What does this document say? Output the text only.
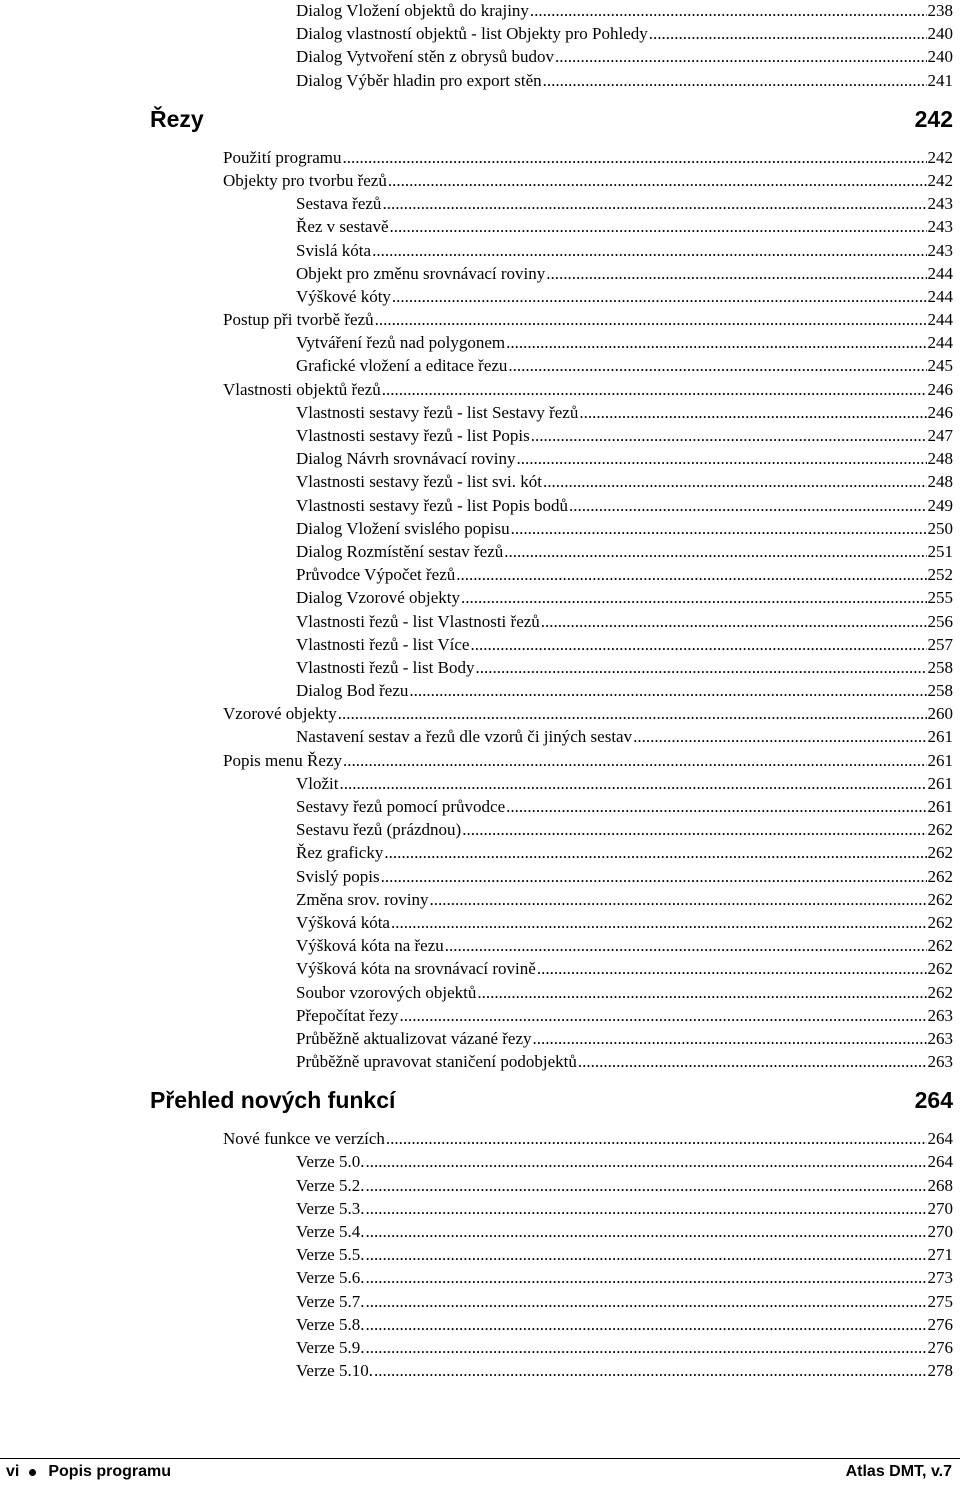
Dialog Vložení objektů do krajiny .....	238
Dialog vlastností objektů - list Objekty pro Pohledy .....	240
Dialog Vytvoření stěn z obrysů budov .....	240
Dialog Výběr hladin pro export stěn .....	241
Řezy	242
Použití programu .....	242
Objekty pro tvorbu řezů .....	242
Sestava řezů .....	243
Řez v sestavě .....	243
Svislá kóta .....	243
Objekt pro změnu srovnávací roviny .....	244
Výškové kóty .....	244
Postup při tvorbě řezů .....	244
Vytváření řezů nad polygonem .....	244
Grafické vložení a editace řezu .....	245
Vlastnosti objektů řezů .....	246
Vlastnosti sestavy řezů - list Sestavy řezů .....	246
Vlastnosti sestavy řezů - list Popis .....	247
Dialog Návrh srovnávací roviny .....	248
Vlastnosti sestavy řezů - list svi. kót .....	248
Vlastnosti sestavy řezů - list Popis bodů .....	249
Dialog Vložení svislého popisu .....	250
Dialog Rozmístění sestav řezů .....	251
Průvodce Výpočet řezů .....	252
Dialog Vzorové objekty .....	255
Vlastnosti řezů - list Vlastnosti řezů .....	256
Vlastnosti řezů - list Více .....	257
Vlastnosti řezů - list Body .....	258
Dialog Bod řezu .....	258
Vzorové objekty .....	260
Nastavení sestav a řezů dle vzorů či jiných sestav .....	261
Popis menu Řezy .....	261
Vložit .....	261
Sestavy řezů pomocí průvodce .....	261
Sestavu řezů (prázdnou) .....	262
Řez graficky .....	262
Svislý popis .....	262
Změna srov. roviny .....	262
Výšková kóta .....	262
Výšková kóta na řezu .....	262
Výšková kóta na srovnávací rovině .....	262
Soubor vzorových objektů .....	262
Přepočítat řezy .....	263
Průběžně aktualizovat vázané řezy .....	263
Průběžně upravovat staničení podobjektů .....	263
Přehled nových funkcí	264
Nové funkce ve verzích .....	264
Verze 5.0. .....	264
Verze 5.2. .....	268
Verze 5.3. .....	270
Verze 5.4. .....	270
Verze 5.5. .....	271
Verze 5.6. .....	273
Verze 5.7. .....	275
Verze 5.8. .....	276
Verze 5.9. .....	276
Verze 5.10. .....	278
vi Popis programu	Atlas DMT, v.7
